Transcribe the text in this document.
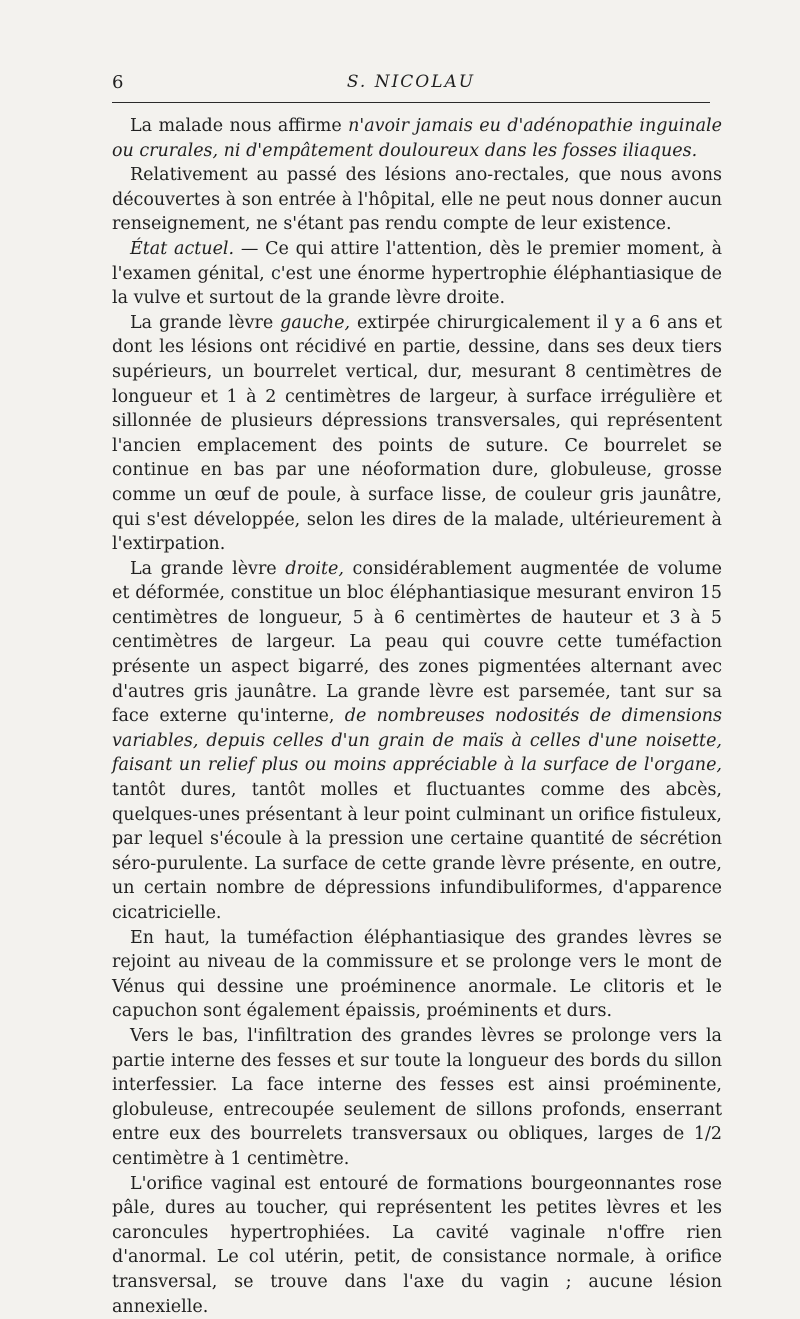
6	S. NICOLAU

La malade nous affirme n'avoir jamais eu d'adénopathie inguinale ou crurales, ni d'empâtement douloureux dans les fosses iliaques.

Relativement au passé des lésions ano-rectales, que nous avons découvertes à son entrée à l'hôpital, elle ne peut nous donner aucun renseignement, ne s'étant pas rendu compte de leur existence.

État actuel. — Ce qui attire l'attention, dès le premier moment, à l'examen génital, c'est une énorme hypertrophie éléphantiasique de la vulve et surtout de la grande lèvre droite.

La grande lèvre gauche, extirpée chirurgicalement il y a 6 ans et dont les lésions ont récidivé en partie, dessine, dans ses deux tiers supérieurs, un bourrelet vertical, dur, mesurant 8 centimètres de longueur et 1 à 2 centimètres de largeur, à surface irrégulière et sillonnée de plusieurs dépressions transversales, qui représentent l'ancien emplacement des points de suture. Ce bourrelet se continue en bas par une néoformation dure, globuleuse, grosse comme un œuf de poule, à surface lisse, de couleur gris jaunâtre, qui s'est développée, selon les dires de la malade, ultérieurement à l'extirpation.

La grande lèvre droite, considérablement augmentée de volume et déformée, constitue un bloc éléphantiasique mesurant environ 15 centimètres de longueur, 5 à 6 centimèrtes de hauteur et 3 à 5 centimètres de largeur. La peau qui couvre cette tuméfaction présente un aspect bigarré, des zones pigmentées alternant avec d'autres gris jaunâtre. La grande lèvre est parsemée, tant sur sa face externe qu'interne, de nombreuses nodosités de dimensions variables, depuis celles d'un grain de maïs à celles d'une noisette, faisant un relief plus ou moins appréciable à la surface de l'organe, tantôt dures, tantôt molles et fluctuantes comme des abcès, quelques-unes présentant à leur point culminant un orifice fistuleux, par lequel s'écoule à la pression une certaine quantité de sécrétion séro-purulente. La surface de cette grande lèvre présente, en outre, un certain nombre de dépressions infundibuliformes, d'apparence cicatricielle.

En haut, la tuméfaction éléphantiasique des grandes lèvres se rejoint au niveau de la commissure et se prolonge vers le mont de Vénus qui dessine une proéminence anormale. Le clitoris et le capuchon sont également épaissis, proéminents et durs.

Vers le bas, l'infiltration des grandes lèvres se prolonge vers la partie interne des fesses et sur toute la longueur des bords du sillon interfessier. La face interne des fesses est ainsi proéminente, globuleuse, entrecoupée seulement de sillons profonds, enserrant entre eux des bourrelets transversaux ou obliques, larges de 1/2 centimètre à 1 centimètre.

L'orifice vaginal est entouré de formations bourgeonnantes rose pâle, dures au toucher, qui représentent les petites lèvres et les caroncules hypertrophiées. La cavité vaginale n'offre rien d'anormal. Le col utérin, petit, de consistance normale, à orifice transversal, se trouve dans l'axe du vagin ; aucune lésion annexielle.
